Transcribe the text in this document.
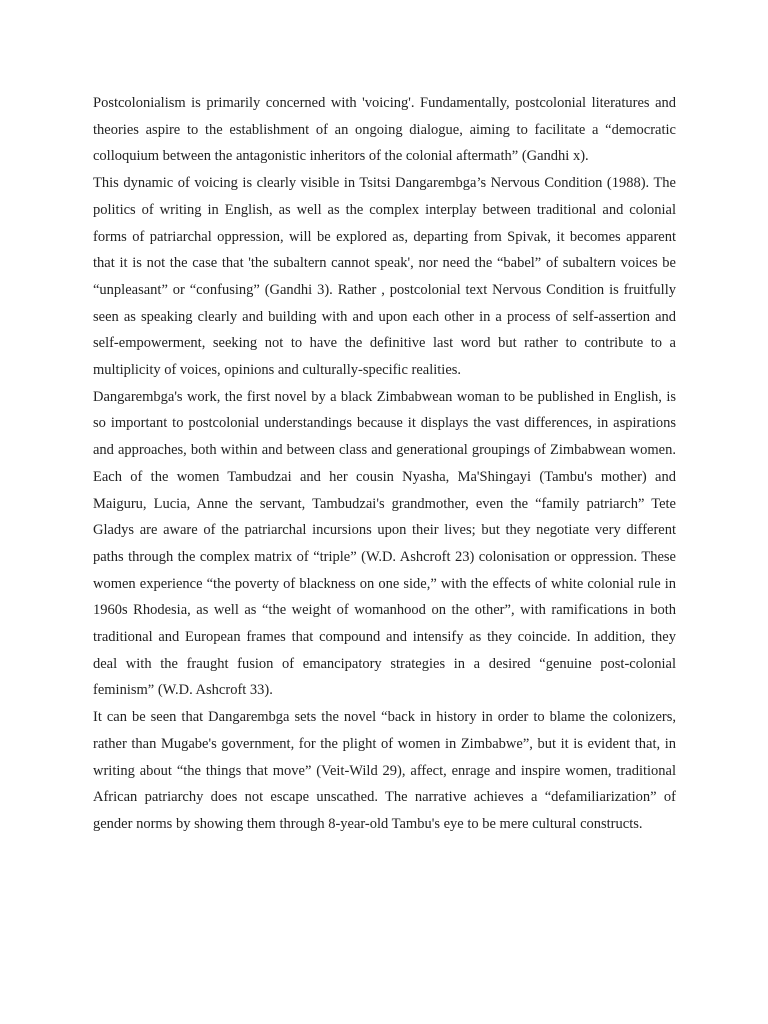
Postcolonialism is primarily concerned with 'voicing'. Fundamentally, postcolonial literatures and theories aspire to the establishment of an ongoing dialogue, aiming to facilitate a “democratic colloquium between the antagonistic inheritors of the colonial aftermath” (Gandhi x).

This dynamic of voicing is clearly visible in Tsitsi Dangarembga’s Nervous Condition (1988). The politics of writing in English, as well as the complex interplay between traditional and colonial forms of patriarchal oppression, will be explored as, departing from Spivak, it becomes apparent that it is not the case that 'the subaltern cannot speak', nor need the “babel” of subaltern voices be “unpleasant” or “confusing” (Gandhi 3). Rather , postcolonial text Nervous Condition is fruitfully seen as speaking clearly and building with and upon each other in a process of self-assertion and self-empowerment, seeking not to have the definitive last word but rather to contribute to a multiplicity of voices, opinions and culturally-specific realities.

Dangarembga's work, the first novel by a black Zimbabwean woman to be published in English, is so important to postcolonial understandings because it displays the vast differences, in aspirations and approaches, both within and between class and generational groupings of Zimbabwean women. Each of the women Tambudzai and her cousin Nyasha, Ma'Shingayi (Tambu's mother) and Maiguru, Lucia, Anne the servant, Tambudzai's grandmother, even the “family patriarch” Tete Gladys are aware of the patriarchal incursions upon their lives; but they negotiate very different paths through the complex matrix of “triple” (W.D. Ashcroft 23) colonisation or oppression. These women experience “the poverty of blackness on one side,” with the effects of white colonial rule in 1960s Rhodesia, as well as “the weight of womanhood on the other”, with ramifications in both traditional and European frames that compound and intensify as they coincide. In addition, they deal with the fraught fusion of emancipatory strategies in a desired “genuine post-colonial feminism” (W.D. Ashcroft 33).

It can be seen that Dangarembga sets the novel “back in history in order to blame the colonizers, rather than Mugabe's government, for the plight of women in Zimbabwe”, but it is evident that, in writing about “the things that move” (Veit-Wild 29), affect, enrage and inspire women, traditional African patriarchy does not escape unscathed. The narrative achieves a “defamiliarization” of gender norms by showing them through 8-year-old Tambu's eye to be mere cultural constructs.
